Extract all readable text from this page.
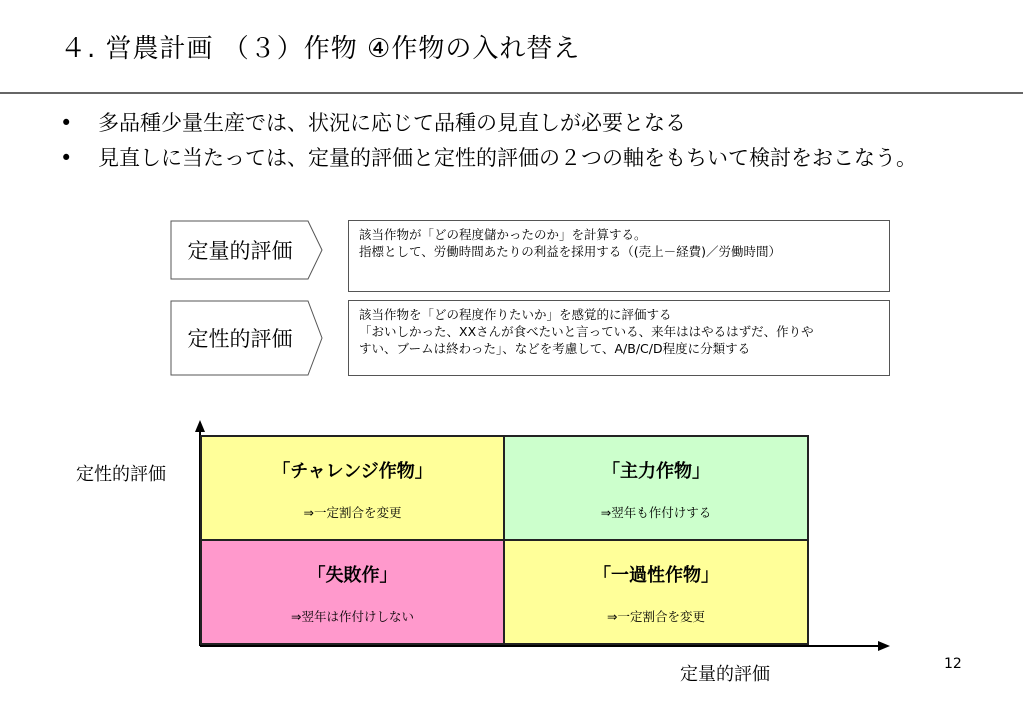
４. 営農計画 （３）作物 ④作物の入れ替え
• 多品種少量生産では、状況に応じて品種の見直しが必要となる
• 見直しに当たっては、定量的評価と定性的評価の２つの軸をもちいて検討をおこなう。
定量的評価
該当作物が「どの程度儲かったのか」を計算する。
指標として、労働時間あたりの利益を採用する（(売上－経費)／労働時間）
定性的評価
該当作物を「どの程度作りたいか」を感覚的に評価する
「おいしかった、XXさんが食べたいと言っている、来年ははやるはずだ、作りや
すい、ブームは終わった」、などを考慮して、A/B/C/D程度に分類する
「チャレンジ作物」
⇒一定割合を変更
「主力作物」
⇒翌年も作付けする
「失敗作」
⇒翌年は作付けしない
「一過性作物」
⇒一定割合を変更
定性的評価
定量的評価	12
